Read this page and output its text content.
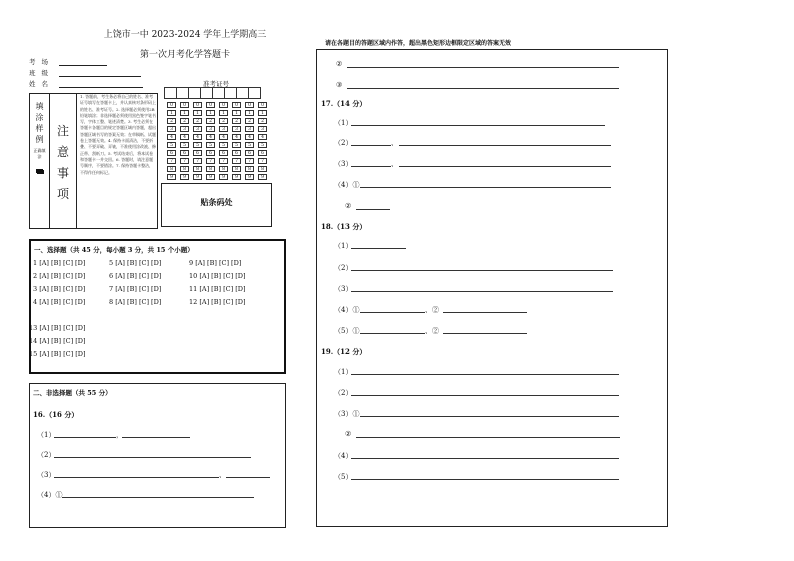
上饶市一中 2023-2024 学年上学期高三
第一次月考化学答题卡
考场
班级
姓名
填涂样例
正确填涂
注意事项
1. 答题前，考生务必将自己的姓名、准考证号填写在答题卡上，并认真核对条形码上的姓名、准考证号。2. 选择题必须使用2B铅笔填涂；非选择题必须使用黑色签字笔书写，字体工整、笔迹清楚。3. 考生必须在答题卡各题目的规定答题区域内答题，超出答题区域书写的答案无效；在草稿纸、试题卷上答题无效。4. 保持卡面清洁，不要折叠、不要弄破、弄皱，不准使用涂改液、修正带、刮纸刀。5. 考试结束后，将本试卷和答题卡一并交回。6. 答题时，请注意题号顺序，不要错涂。7. 保持答题卡整洁，不得作任何标记。
准考证号
0	0	0	0	0	0	0	0
1	1	1	1	1	1	1	1
2	2	2	2	2	2	2	2
3	3	3	3	3	3	3	3
4	4	4	4	4	4	4	4
5	5	5	5	5	5	5	5
6	6	6	6	6	6	6	6
7	7	7	7	7	7	7	7
8	8	8	8	8	8	8	8
9	9	9	9	9	9	9	9
贴条码处
一、选择题（共 45 分，每小题 3 分，共 15 个小题）
1 [A] [B] [C] [D]
2 [A] [B] [C] [D]
3 [A] [B] [C] [D]
4 [A] [B] [C] [D]
5 [A] [B] [C] [D]
6 [A] [B] [C] [D]
7 [A] [B] [C] [D]
8 [A] [B] [C] [D]
9 [A] [B] [C] [D]
10 [A] [B] [C] [D]
11 [A] [B] [C] [D]
12 [A] [B] [C] [D]
13 [A] [B] [C] [D]
14 [A] [B] [C] [D]
15 [A] [B] [C] [D]
二、非选择题（共 55 分）
16.（16 分）
（1）	，
（2）
（3）	、
（4）①
请在各题目的答题区域内作答，超出黑色矩形边框限定区域的答案无效
②
③
17.（14 分）
（1）
（2）	、
（3）	、
（4）①
②
18.（13 分）
（1）
（2）
（3）
（4）①	、②
（5）①	、②
19.（12 分）
（1）
（2）
（3）①
②
（4）
（5）
